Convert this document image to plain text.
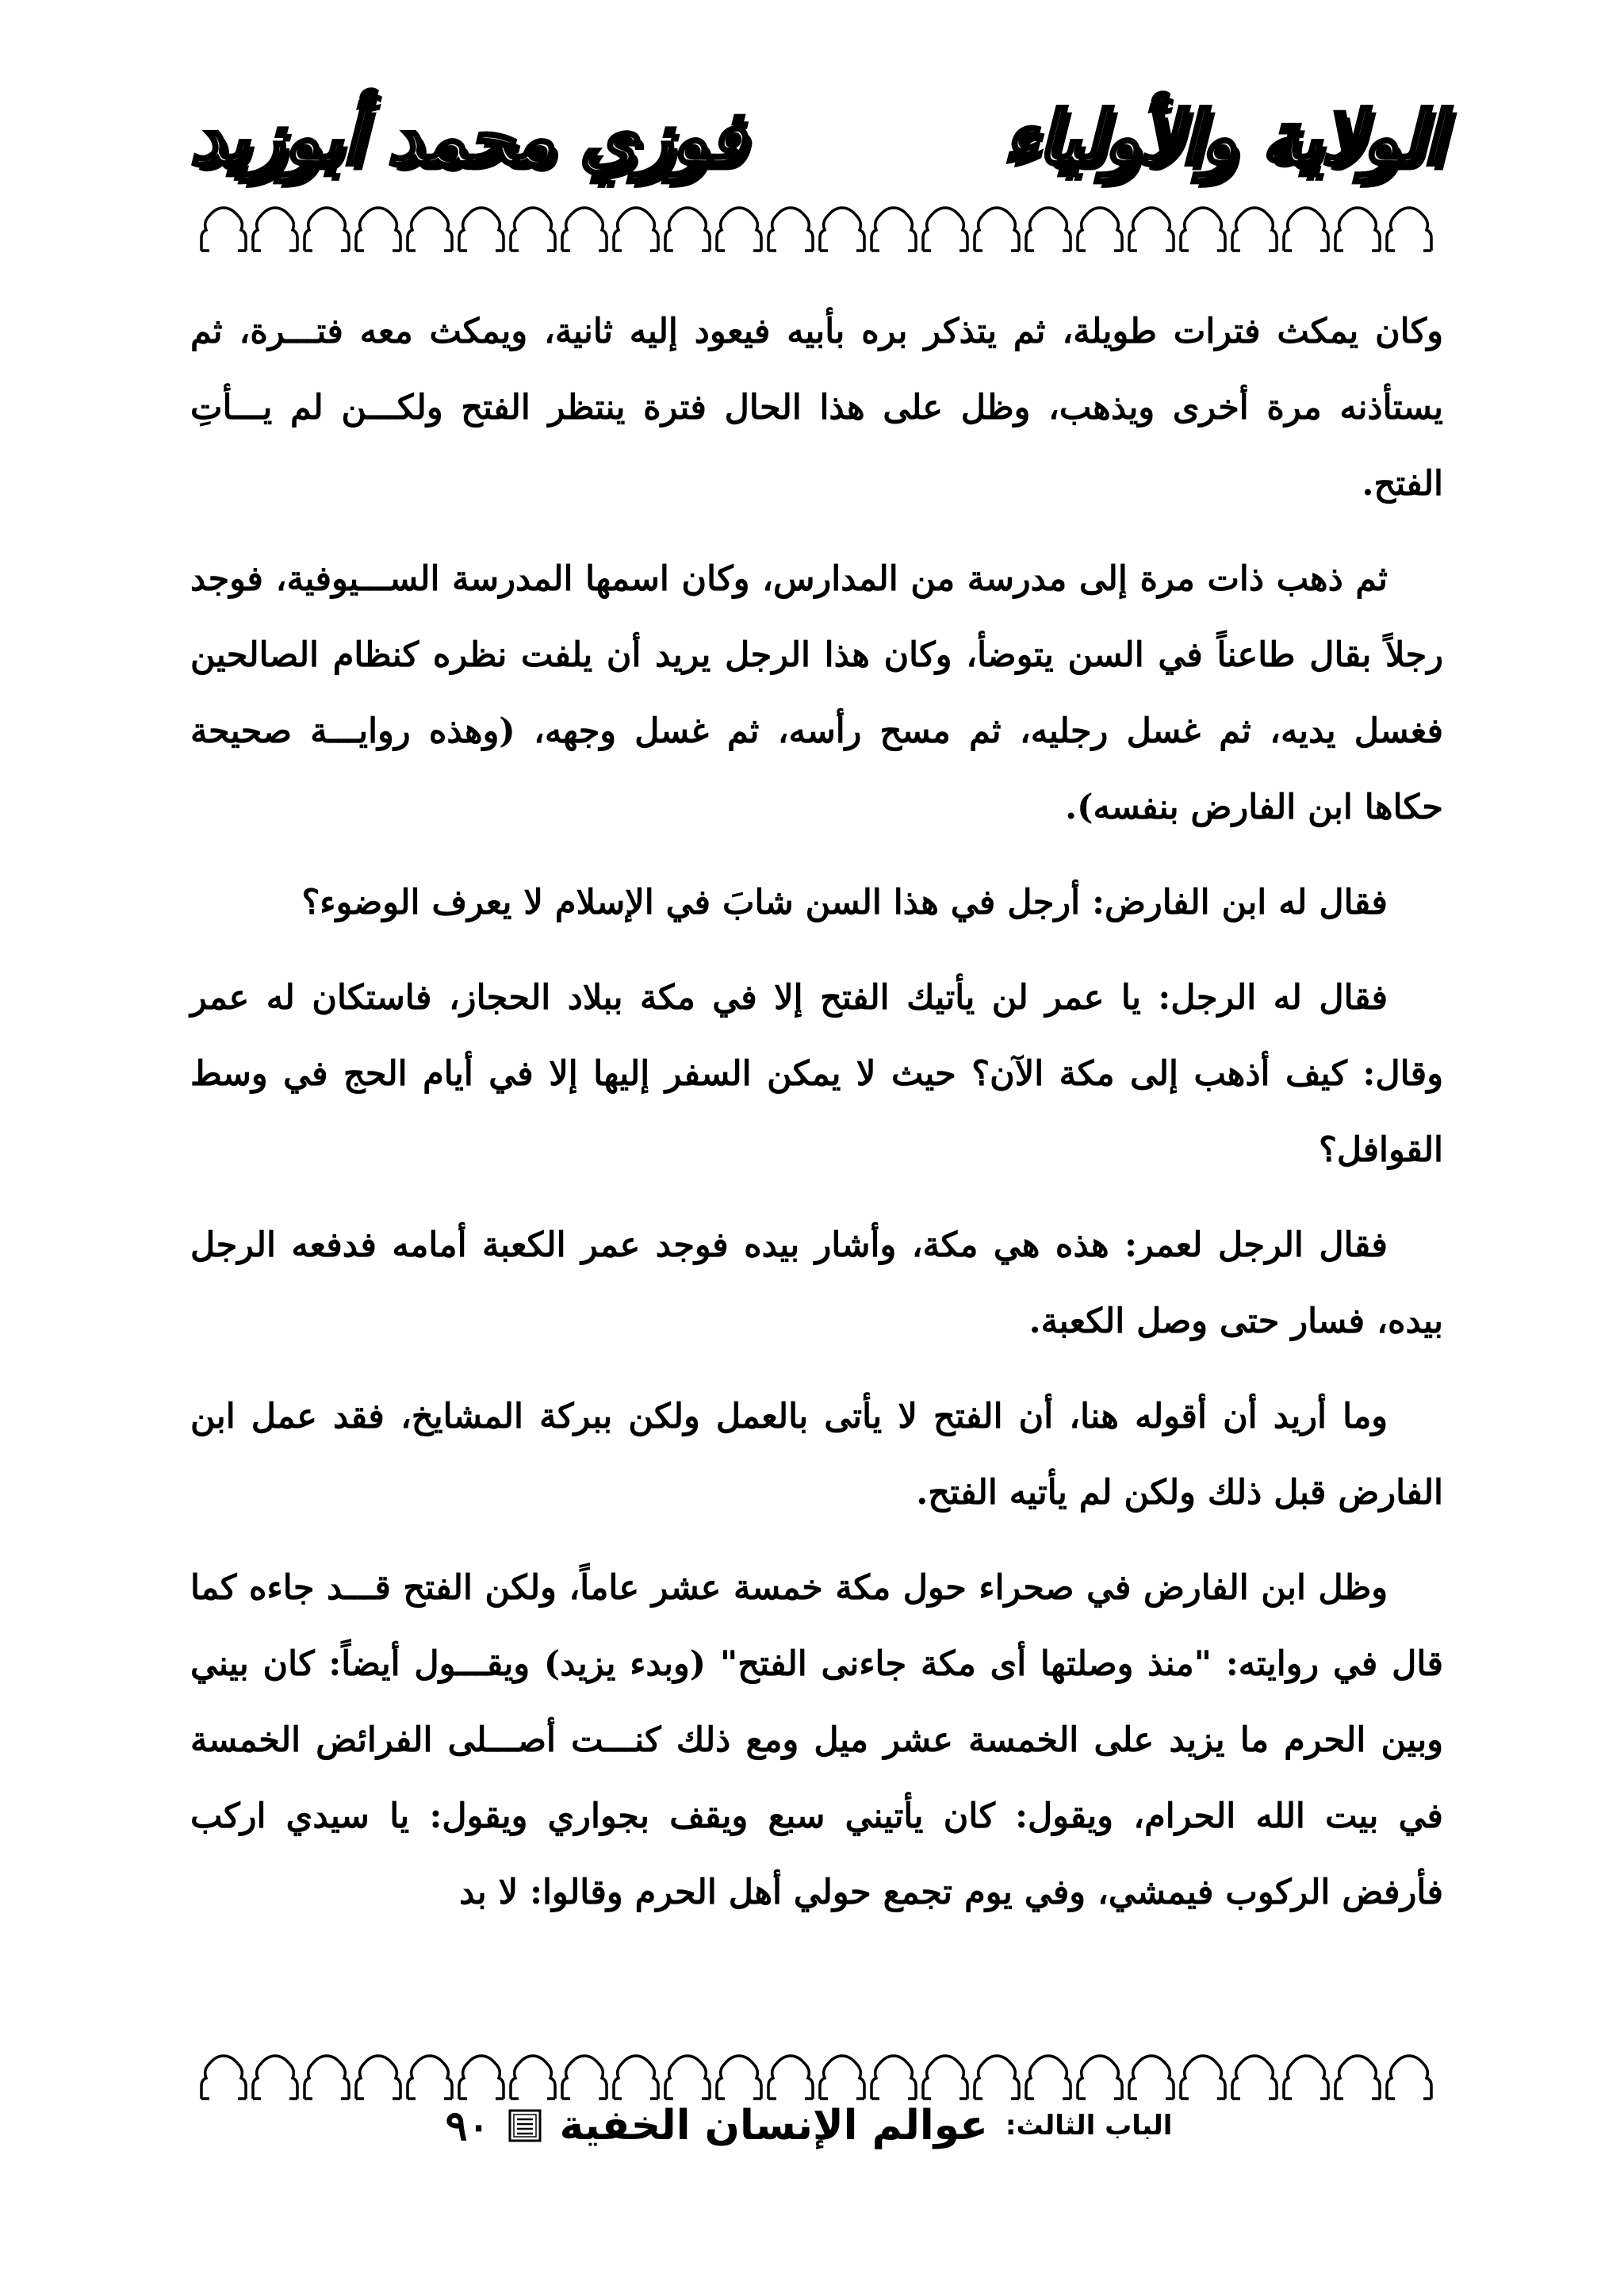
الولاية والأولياء
فوزي محمد أبوزيد

وكان يمكث فترات طويلة، ثم يتذكر بره بأبيه فيعود إليه ثانية، ويمكث معه فتـــرة، ثم يستأذنه مرة أخرى ويذهب، وظل على هذا الحال فترة ينتظر الفتح ولكـــن لم يـــأتِ الفتح.

ثم ذهب ذات مرة إلى مدرسة من المدارس، وكان اسمها المدرسة الســـيوفية، فوجد رجلاً بقال طاعناً في السن يتوضأ، وكان هذا الرجل يريد أن يلفت نظره كنظام الصالحين فغسل يديه، ثم غسل رجليه، ثم مسح رأسه، ثم غسل وجهه، (وهذه روايـــة صحيحة حكاها ابن الفارض بنفسه).

فقال له ابن الفارض: أرجل في هذا السن شابَ في الإسلام لا يعرف الوضوء؟

فقال له الرجل: يا عمر لن يأتيك الفتح إلا في مكة ببلاد الحجاز، فاستكان له عمر وقال: كيف أذهب إلى مكة الآن؟ حيث لا يمكن السفر إليها إلا في أيام الحج في وسط القوافل؟

فقال الرجل لعمر: هذه هي مكة، وأشار بيده فوجد عمر الكعبة أمامه فدفعه الرجل بيده، فسار حتى وصل الكعبة.

وما أريد أن أقوله هنا، أن الفتح لا يأتى بالعمل ولكن ببركة المشايخ، فقد عمل ابن الفارض قبل ذلك ولكن لم يأتيه الفتح.

وظل ابن الفارض في صحراء حول مكة خمسة عشر عاماً، ولكن الفتح قـــد جاءه كما قال في روايته: "منذ وصلتها أى مكة جاءنى الفتح" (وبدء يزيد) ويقـــول أيضاً: كان بيني وبين الحرم ما يزيد على الخمسة عشر ميل ومع ذلك كنـــت أصـــلى الفرائض الخمسة في بيت الله الحرام، ويقول: كان يأتيني سبع ويقف بجواري ويقول: يا سيدي اركب فأرفض الركوب فيمشي، وفي يوم تجمع حولي أهل الحرم وقالوا: لا بد

الباب الثالث:
عوالم الإنسان الخفية
٩٠
